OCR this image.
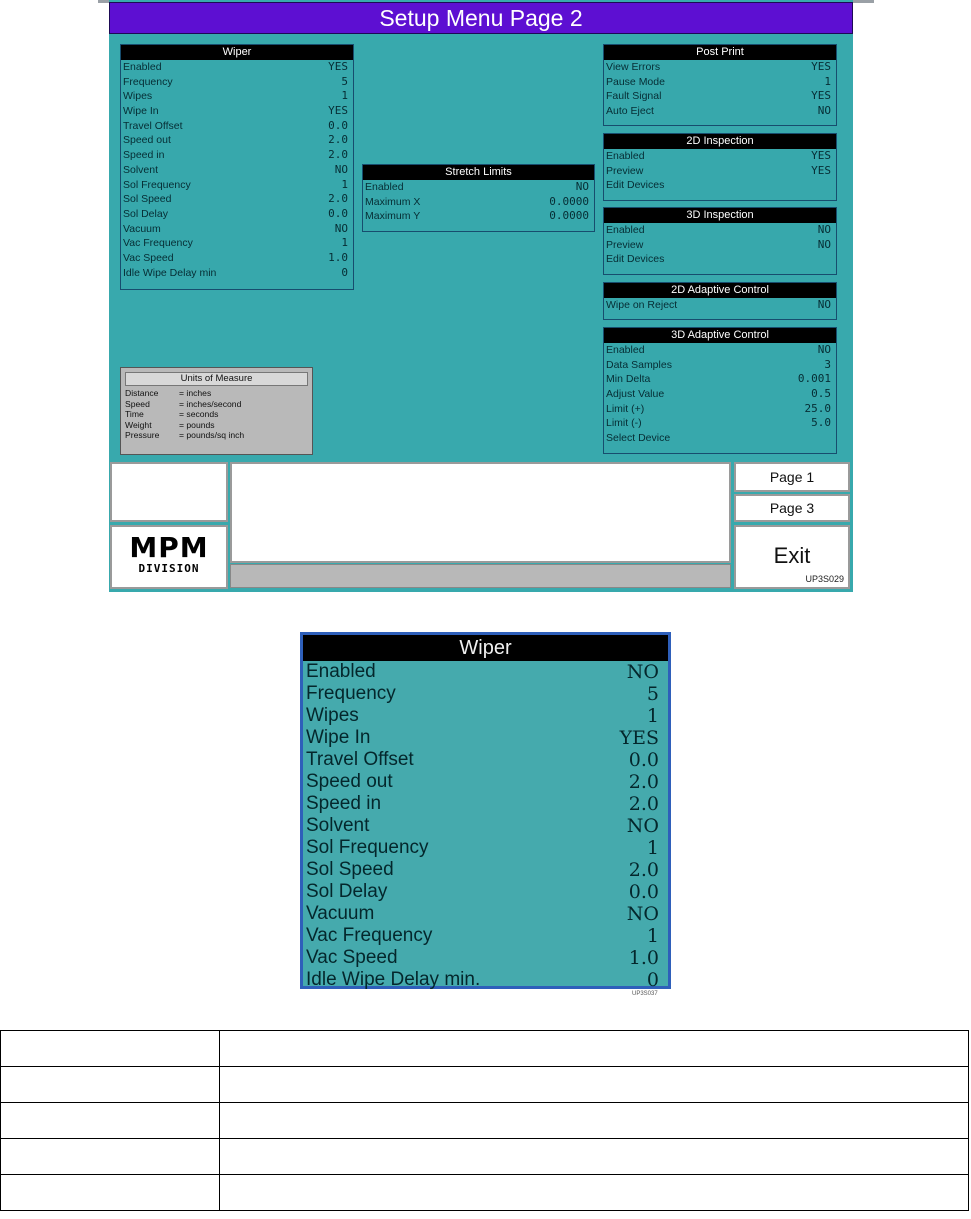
Setup Menu Page 2
Wiper
Enabled	YES
Frequency	5
Wipes	1
Wipe In	YES
Travel Offset	0.0
Speed out	2.0
Speed in	2.0
Solvent	NO
Sol Frequency	1
Sol Speed	2.0
Sol Delay	0.0
Vacuum	NO
Vac Frequency	1
Vac Speed	1.0
Idle Wipe Delay min	0
Stretch Limits
Enabled	NO
Maximum X	0.0000
Maximum Y	0.0000
Post Print
View Errors	YES
Pause Mode	1
Fault Signal	YES
Auto Eject	NO
2D Inspection
Enabled	YES
Preview	YES
Edit Devices
3D Inspection
Enabled	NO
Preview	NO
Edit Devices
2D Adaptive Control
Wipe on Reject	NO
3D Adaptive Control
Enabled	NO
Data Samples	3
Min Delta	0.001
Adjust Value	0.5
Limit (+)	25.0
Limit (-)	5.0
Select Device
Units of Measure
Distance	= inches
Speed	= inches/second
Time	= seconds
Weight	= pounds
Pressure	= pounds/sq inch
MPM
DIVISION
Page 1
Page 3
Exit
UP3S029
Wiper
Enabled	NO
Frequency	5
Wipes	1
Wipe In	YES
Travel Offset	0.0
Speed out	2.0
Speed in	2.0
Solvent	NO
Sol Frequency	1
Sol Speed	2.0
Sol Delay	0.0
Vacuum	NO
Vac Frequency	1
Vac Speed	1.0
Idle Wipe Delay min.	0
UP3S037
